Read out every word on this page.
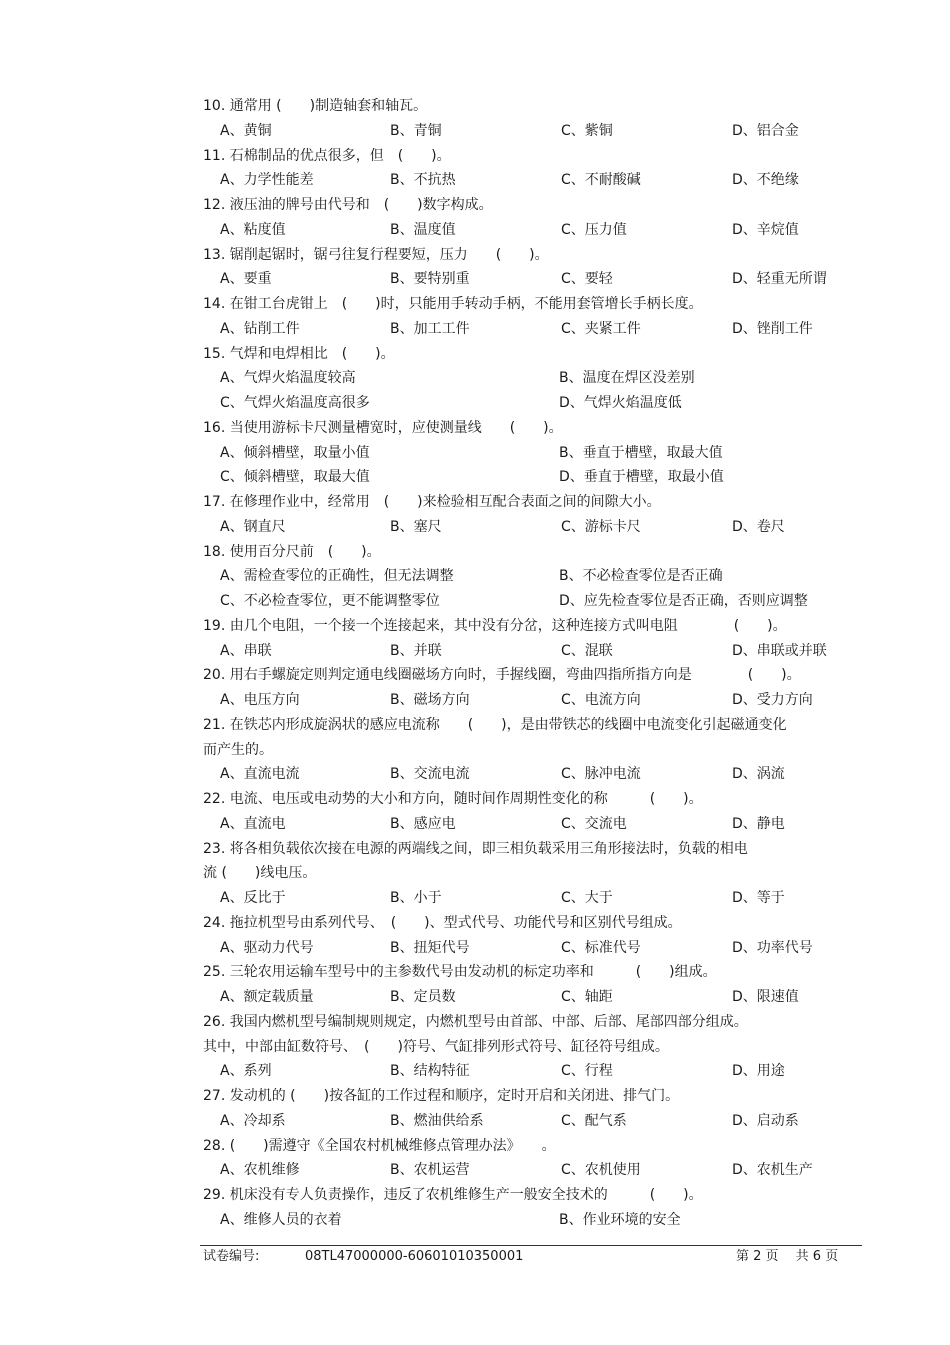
10. 通常用 (　　)制造轴套和轴瓦。
A、黄铜	B、青铜	C、紫铜	D、铝合金
11. 石棉制品的优点很多，但　(　　)。
A、力学性能差	B、不抗热	C、不耐酸碱	D、不绝缘
12. 液压油的牌号由代号和　(　　)数字构成。
A、粘度值	B、温度值	C、压力值	D、辛烷值
13. 锯削起锯时，锯弓往复行程要短，压力　　(　　)。
A、要重	B、要特别重	C、要轻	D、轻重无所谓
14. 在钳工台虎钳上　(　　)时，只能用手转动手柄，不能用套管增长手柄长度。
A、钻削工件	B、加工工件	C、夹紧工件	D、锉削工件
15. 气焊和电焊相比　(　　)。
A、气焊火焰温度较高	B、温度在焊区没差别
C、气焊火焰温度高很多	D、气焊火焰温度低
16. 当使用游标卡尺测量槽宽时，应使测量线　　(　　)。
A、倾斜槽壁，取量小值	B、垂直于槽壁，取最大值
C、倾斜槽壁，取最大值	D、垂直于槽壁，取最小值
17. 在修理作业中，经常用　(　　)来检验相互配合表面之间的间隙大小。
A、钢直尺	B、塞尺	C、游标卡尺	D、卷尺
18. 使用百分尺前　(　　)。
A、需检查零位的正确性，但无法调整	B、不必检查零位是否正确
C、不必检查零位，更不能调整零位	D、应先检查零位是否正确，否则应调整
19. 由几个电阻，一个接一个连接起来，其中没有分岔，这种连接方式叫电阻　　　　(　　)。
A、串联	B、并联	C、混联	D、串联或并联
20. 用右手螺旋定则判定通电线圈磁场方向时，手握线圈，弯曲四指所指方向是　　　　(　　)。
A、电压方向	B、磁场方向	C、电流方向	D、受力方向
21. 在铁芯内形成旋涡状的感应电流称　　(　　)，是由带铁芯的线圈中电流变化引起磁通变化
而产生的。
A、直流电流	B、交流电流	C、脉冲电流	D、涡流
22. 电流、电压或电动势的大小和方向，随时间作周期性变化的称　　　(　　)。
A、直流电	B、感应电	C、交流电	D、静电
23. 将各相负载依次接在电源的两端线之间，即三相负载采用三角形接法时，负载的相电
流 (　　)线电压。
A、反比于	B、小于	C、大于	D、等于
24. 拖拉机型号由系列代号、　(　　)、型式代号、功能代号和区别代号组成。
A、驱动力代号	B、扭矩代号	C、标准代号	D、功率代号
25. 三轮农用运输车型号中的主参数代号由发动机的标定功率和　　　(　　)组成。
A、额定载质量	B、定员数	C、轴距	D、限速值
26. 我国内燃机型号编制规则规定，内燃机型号由首部、中部、后部、尾部四部分组成。
其中，中部由缸数符号、　(　　)符号、气缸排列形式符号、缸径符号组成。
A、系列	B、结构特征	C、行程	D、用途
27. 发动机的 (　　)按各缸的工作过程和顺序，定时开启和关闭进、排气门。
A、冷却系	B、燃油供给系	C、配气系	D、启动系
28. (　　)需遵守《全国农村机械维修点管理办法》　　。
A、农机维修	B、农机运营	C、农机使用	D、农机生产
29. 机床没有专人负责操作，违反了农机维修生产一般安全技术的　　　(　　)。
A、维修人员的衣着	B、作业环境的安全
试卷编号:	08TL47000000-60601010350001	第 2 页　 共 6 页
